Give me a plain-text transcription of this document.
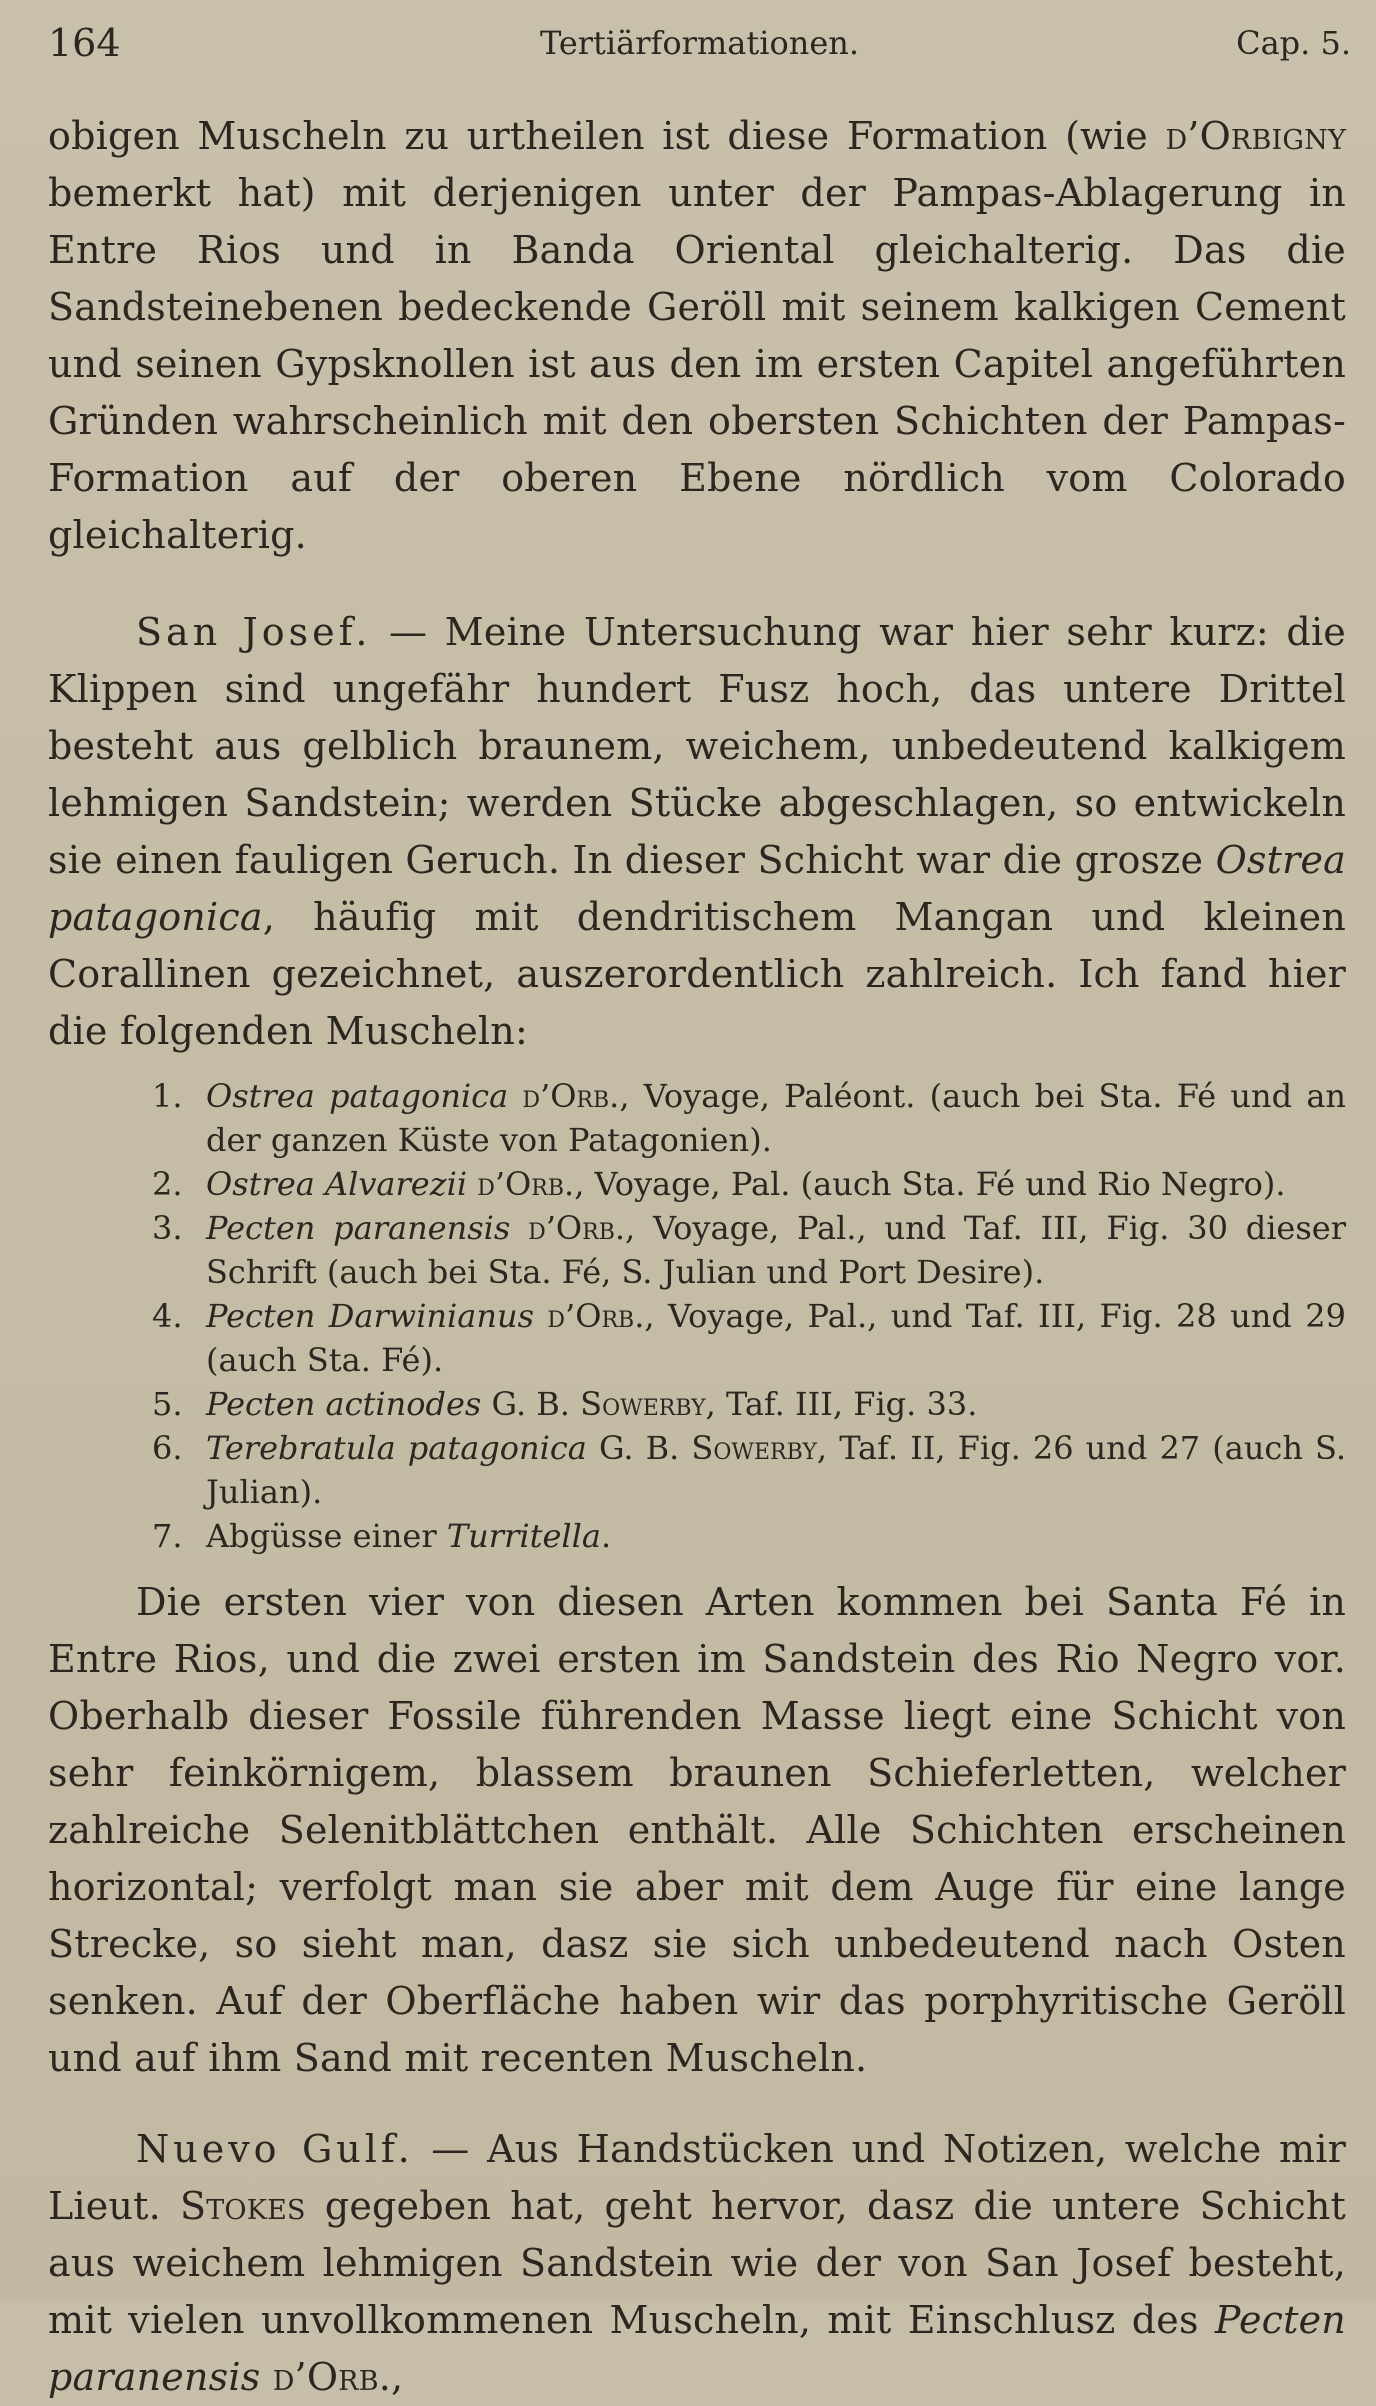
164	Tertiärformationen.	Cap. 5.

obigen Muscheln zu urtheilen ist diese Formation (wie d’Orbigny bemerkt hat) mit derjenigen unter der Pampas-Ablagerung in Entre Rios und in Banda Oriental gleichalterig. Das die Sandsteinebenen bedeckende Geröll mit seinem kalkigen Cement und seinen Gypsknollen ist aus den im ersten Capitel angeführten Gründen wahrscheinlich mit den obersten Schichten der Pampas-Formation auf der oberen Ebene nördlich vom Colorado gleichalterig.

San Josef. — Meine Untersuchung war hier sehr kurz: die Klippen sind ungefähr hundert Fusz hoch, das untere Drittel besteht aus gelblich braunem, weichem, unbedeutend kalkigem lehmigen Sandstein; werden Stücke abgeschlagen, so entwickeln sie einen fauligen Geruch. In dieser Schicht war die grosze Ostrea patagonica, häufig mit dendritischem Mangan und kleinen Corallinen gezeichnet, auszerordentlich zahlreich. Ich fand hier die folgenden Muscheln:

1. Ostrea patagonica d’Orb., Voyage, Paléont. (auch bei Sta. Fé und an der ganzen Küste von Patagonien).
2. Ostrea Alvarezii d’Orb., Voyage, Pal. (auch Sta. Fé und Rio Negro).
3. Pecten paranensis d’Orb., Voyage, Pal., und Taf. III, Fig. 30 dieser Schrift (auch bei Sta. Fé, S. Julian und Port Desire).
4. Pecten Darwinianus d’Orb., Voyage, Pal., und Taf. III, Fig. 28 und 29 (auch Sta. Fé).
5. Pecten actinodes G. B. Sowerby, Taf. III, Fig. 33.
6. Terebratula patagonica G. B. Sowerby, Taf. II, Fig. 26 und 27 (auch S. Julian).
7. Abgüsse einer Turritella.

Die ersten vier von diesen Arten kommen bei Santa Fé in Entre Rios, und die zwei ersten im Sandstein des Rio Negro vor. Oberhalb dieser Fossile führenden Masse liegt eine Schicht von sehr feinkörnigem, blassem braunen Schieferletten, welcher zahlreiche Selenitblättchen enthält. Alle Schichten erscheinen horizontal; verfolgt man sie aber mit dem Auge für eine lange Strecke, so sieht man, dasz sie sich unbedeutend nach Osten senken. Auf der Oberfläche haben wir das porphyritische Geröll und auf ihm Sand mit recenten Muscheln.

Nuevo Gulf. — Aus Handstücken und Notizen, welche mir Lieut. Stokes gegeben hat, geht hervor, dasz die untere Schicht aus weichem lehmigen Sandstein wie der von San Josef besteht, mit vielen unvollkommenen Muscheln, mit Einschlusz des Pecten paranensis d’Orb.,
